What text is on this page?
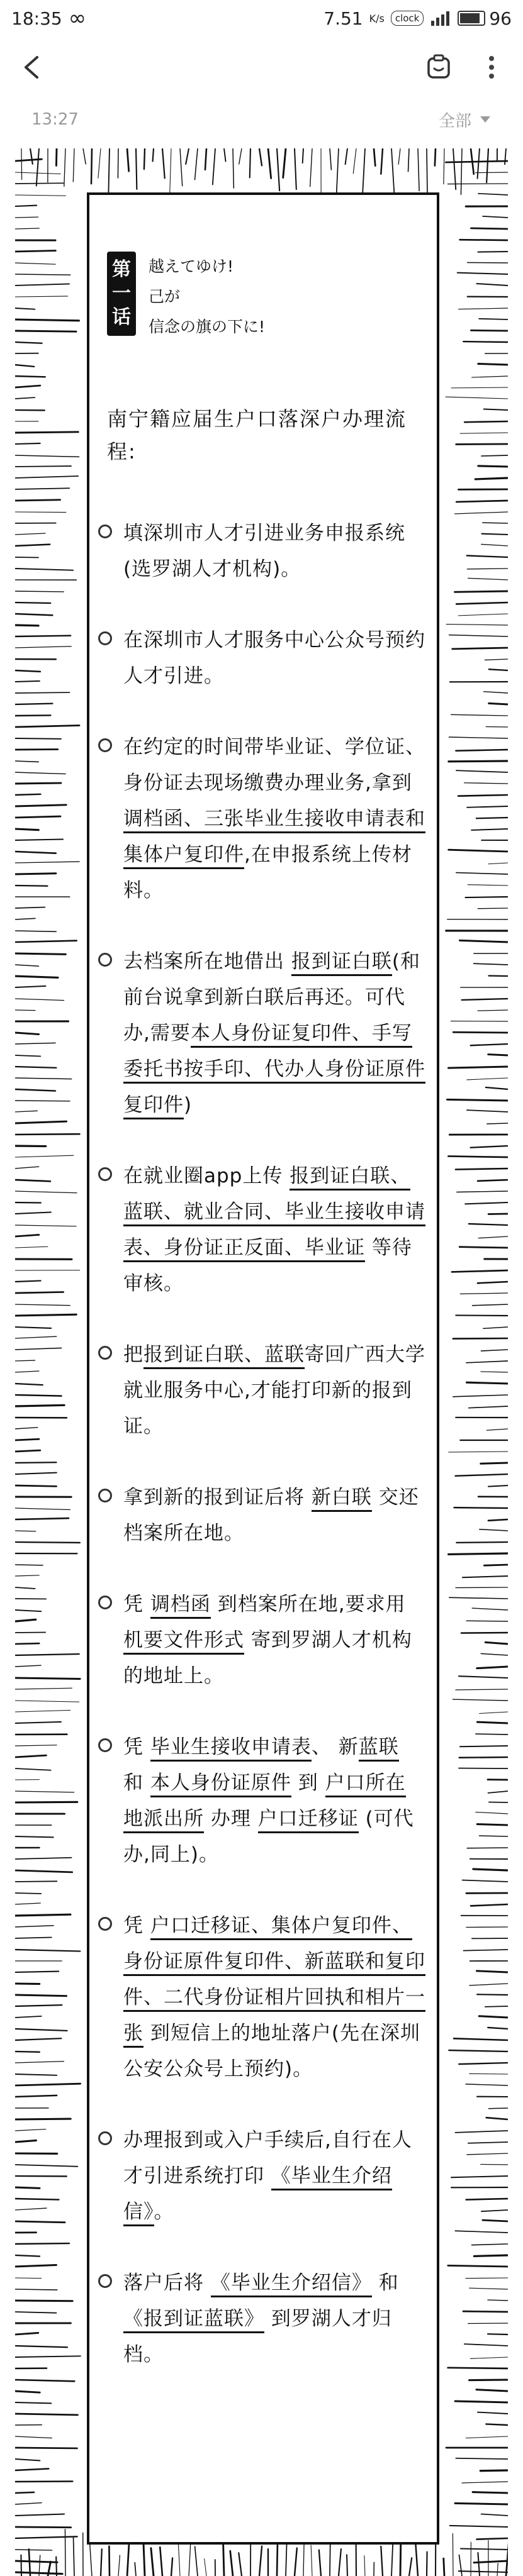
18:35 ∞	7.51 K/s	clock	96
13:27	全部
第一话
越えてゆけ!
己が
信念の旗の下に!
南宁籍应届生户口落深户办理流程:
填深圳市人才引进业务申报系统(选罗湖人才机构)。
在深圳市人才服务中心公众号预约人才引进。
在约定的时间带毕业证、学位证、身份证去现场缴费办理业务,拿到 调档函、三张毕业生接收申请表和集体户复印件,在申报系统上传材料。
去档案所在地借出 报到证白联(和前台说拿到新白联后再还。可代办,需要本人身份证复印件、手写委托书按手印、代办人身份证原件复印件)
在就业圈app上传 报到证白联、蓝联、就业合同、毕业生接收申请表、身份证正反面、毕业证 等待审核。
把报到证白联、蓝联寄回广西大学就业服务中心,才能打印新的报到证。
拿到新的报到证后将 新白联 交还档案所在地。
凭 调档函 到档案所在地,要求用 机要文件形式 寄到罗湖人才机构的地址上。
凭 毕业生接收申请表、 新蓝联 和 本人身份证原件 到 户口所在地派出所 办理 户口迁移证 (可代办,同上)。
凭 户口迁移证、集体户复印件、身份证原件复印件、新蓝联和复印件、二代身份证相片回执和相片一张 到短信上的地址落户(先在深圳公安公众号上预约)。
办理报到或入户手续后,自行在人才引进系统打印 《毕业生介绍信》。
落户后将 《毕业生介绍信》 和 《报到证蓝联》 到罗湖人才归档。
